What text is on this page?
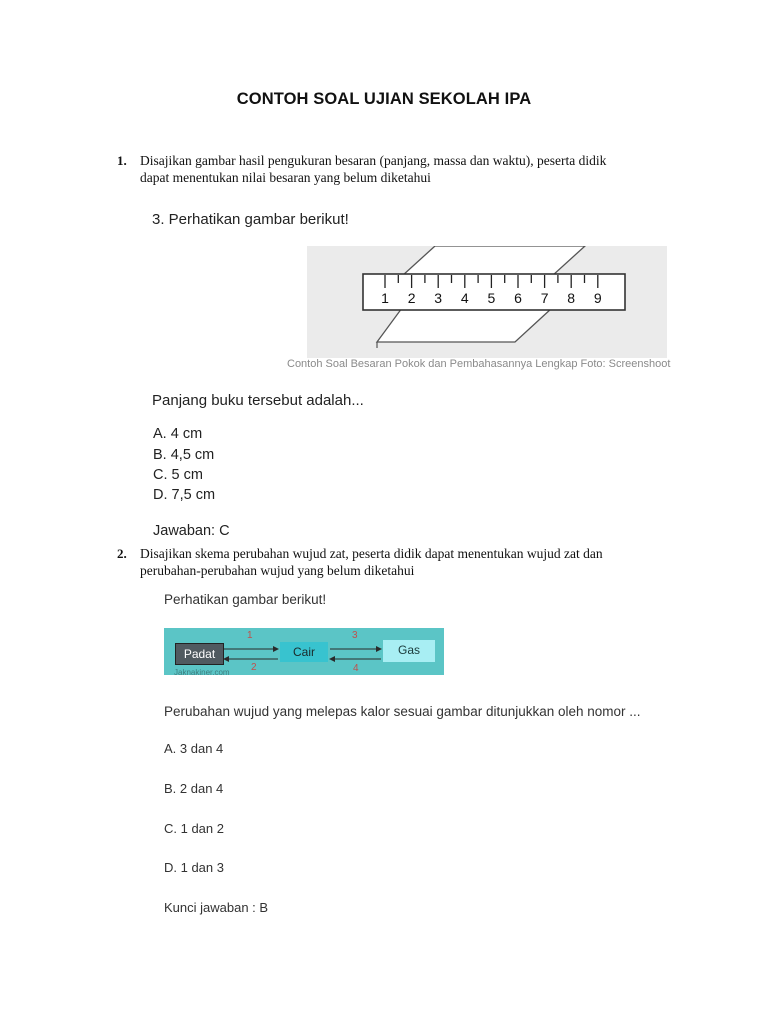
CONTOH SOAL UJIAN SEKOLAH IPA
1. Disajikan gambar hasil pengukuran besaran (panjang, massa dan waktu), peserta didik
dapat menentukan nilai besaran yang belum diketahui
3. Perhatikan gambar berikut!
1 2 3 4 5 6 7 8 9
Contoh Soal Besaran Pokok dan Pembahasannya Lengkap Foto: Screenshoot
Panjang buku tersebut adalah...
A. 4 cm
B. 4,5 cm
C. 5 cm
D. 7,5 cm
Jawaban: C
2. Disajikan skema perubahan wujud zat, peserta didik dapat menentukan wujud zat dan
perubahan-perubahan wujud yang belum diketahui
Perhatikan gambar berikut!
Padat	Cair	Gas
1
2
3
4
Jaknakiner.com
Perubahan wujud yang melepas kalor sesuai gambar ditunjukkan oleh nomor ...
A. 3 dan 4
B. 2 dan 4
C. 1 dan 2
D. 1 dan 3
Kunci jawaban : B
